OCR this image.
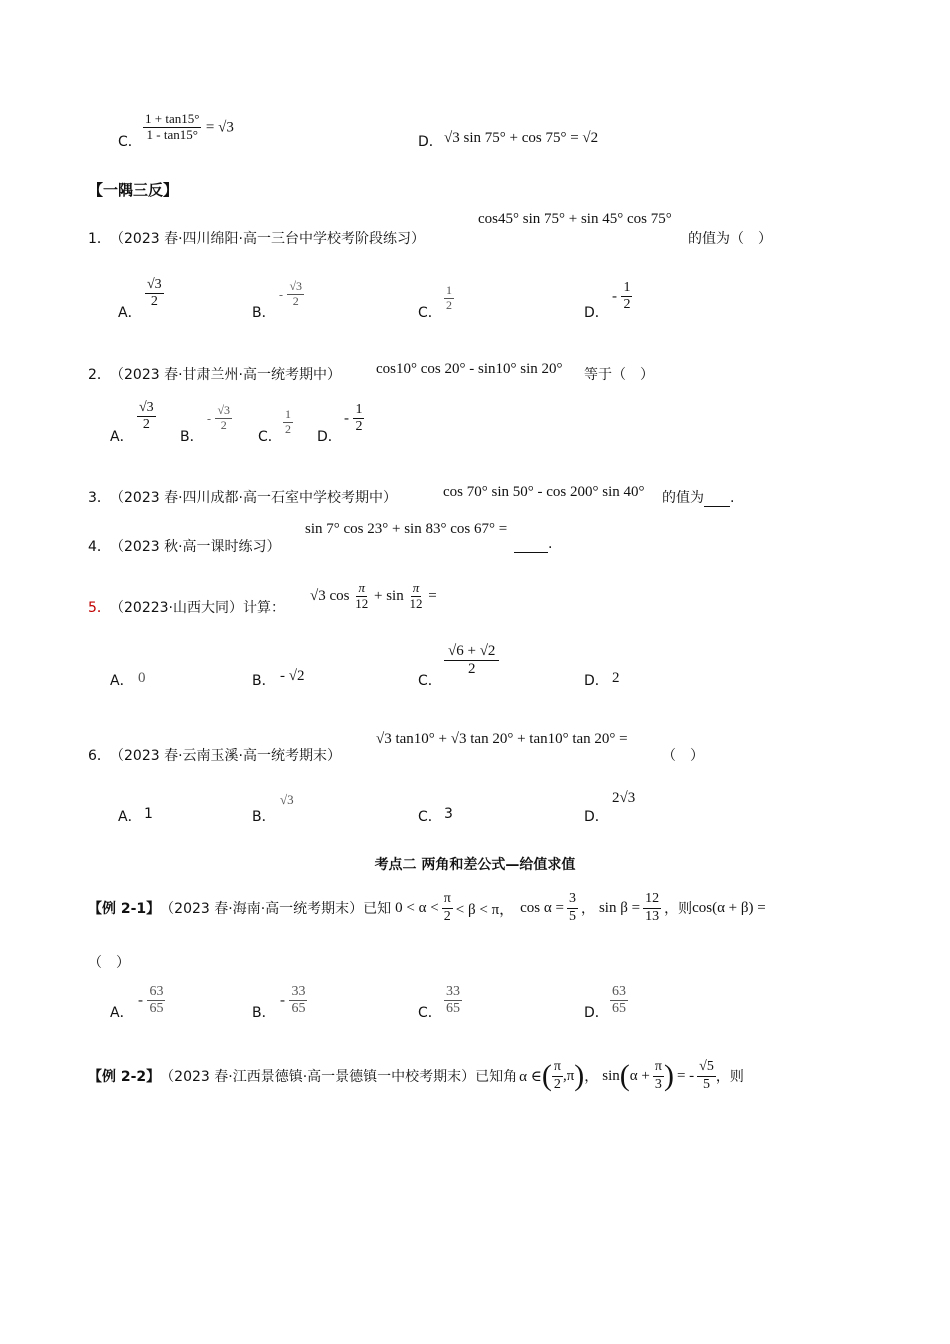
C． $\frac{1 + \tan 15^\circ}{1 - \tan 15^\circ} = √3$
D． √3 sin 75° + cos 75° = √2
【一隅三反】
1． （2023 春·四川绵阳·高一三台中学校考阶段练习）
cos45° sin 75° + sin 45° cos 75°
的值为（　）
A．
$\frac{√3}{2}$
B．
- $\frac{√3}{2}$
C．
$\frac{1}{2}$
D．
- $\frac{1}{2}$
2． （2023 春·甘肃兰州·高一统考期中） cos10° cos 20° - sin10° sin 20° 等于（　）
A．
$\frac{√3}{2}$
B．
- $\frac{√3}{2}$
C．
$\frac{1}{2}$
D．
- $\frac{1}{2}$
3． （2023 春·四川成都·高一石室中学校考期中）	cos 70° sin 50° - cos 200° sin 40° 的值为 .
4． （2023 秋·高一课时练习）
sin 7° cos 23° + sin 83° cos 67° =
.
5． （20223·山西大同）计算：
√3 $\cos \frac{\pi}{12} + \sin \frac{\pi}{12}$ =
A． 0	B． - √2	C．
$\frac{√6 + √2}{2}$
D． 2
6． （2023 春·云南玉溪·高一统考期末）
√3 tan10° + √3 tan 20° + tan10° tan 20° =
（　）
A． 1	B．
√3
C． 3	D．
2√3
考点二 两角和差公式—给值求值
【例 2-1】 （2023 春·海南·高一统考期末）已知 $0 < \alpha < \frac{\pi}{2} < \beta < \pi$， $\cos \alpha = \frac{3}{5}$ ， $\sin \beta = \frac{12}{13}$ ，则 cos(α + β) =
（　）
A．
- $\frac{63}{65}$	B．
- $\frac{33}{65}$	C． $\frac{33}{65}$	D． $\frac{63}{65}$
【例 2-2】 （2023 春·江西景德镇·高一景德镇一中校考期末）已知角 α ∈ ( $\frac{\pi}{2} ,\pi$ ) ， sin ( $\alpha + \frac{\pi}{3}$ ) = - $\frac{√5}{5}$ ，则
